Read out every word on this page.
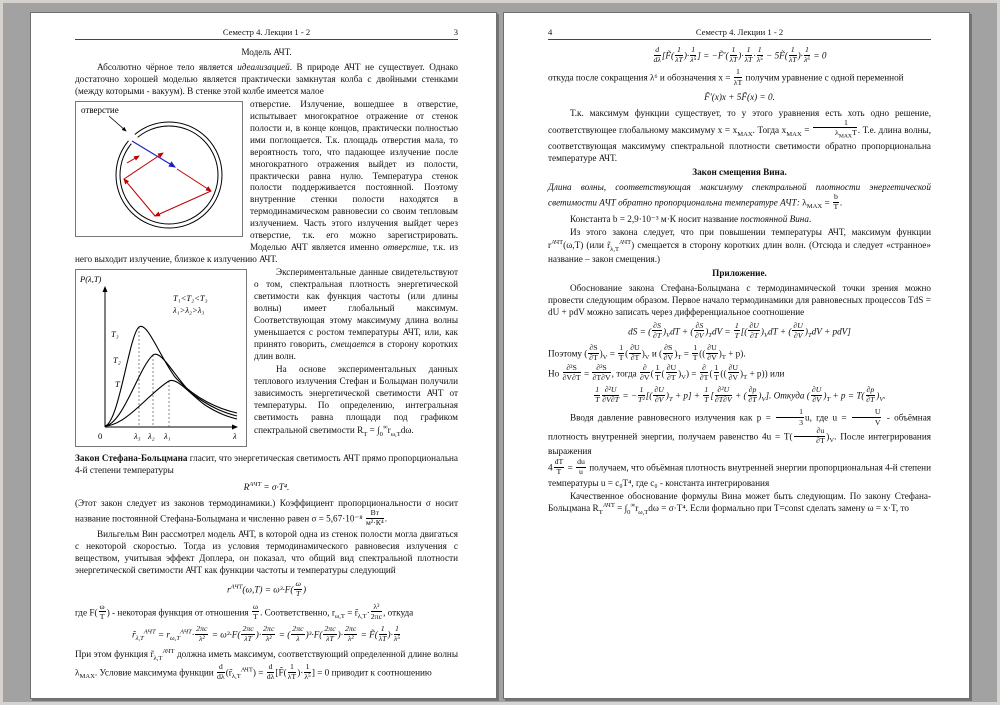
Семестр 4. Лекции 1 - 2	3
Модель АЧТ.

Абсолютно чёрное тело является идеализацией. В природе АЧТ не существует. Однако достаточно хорошей моделью является практически замкнутая колба с двойными стенками (между которыми - вакуум). В стенке этой колбе имеется малое

отверстие

отверстие. Излучение, вошедшее в отверстие, испытывает многократное отражение от стенок полости и, в конце концов, практически полностью ими поглощается. Т.к. площадь отверстия мала, то вероятность того, что падающее излучение после многократного отражения выйдет из полости, практически равна нулю. Температура стенок полости поддерживается постоянной. Поэтому внутренние стенки полости находятся в термодинамическом равновесии со своим тепловым излучением. Часть этого излучения выйдет через отверстие, т.к. его можно зарегистрировать. Моделью АЧТ является именно отверстие, т.к. из него выходит излучение, близкое к излучению АЧТ.

P(λ,T)
T₁<T₂<T₃
λ₁>λ₂>λ₃
T₃
T₂
T₁
0	λ₃ λ₂ λ₁	λ

Экспериментальные данные свидетельствуют о том, спектральная плотность энергетической светимости как функция частоты (или длины волны) имеет глобальный максимум. Соответствующая этому максимуму длина волны уменьшается с ростом температуры АЧТ, или, как принято говорить, смещается в сторону коротких длин волн.

На основе экспериментальных данных теплового излучения Стефан и Больцман получили зависимость энергетической светимости АЧТ от температуры. По определению, интегральная светимость равна площади под графиком спектральной светимости $R_T = \int_0^\infty r_{\omega,T}d\omega$.

Закон Стефана-Больцмана гласит, что энергетическая светимость АЧТ прямо пропорциональна 4-й степени температуры

$R^{АЧТ} = \sigma\cdot T^4$.

(Этот закон следует из законов термодинамики.) Коэффициент пропорциональности σ носит название постоянной Стефана-Больцмана и численно равен $\sigma = 5,67\cdot 10^{-8} \frac{Вт}{\text{м²·К⁴}}$ .

Вильгельм Вин рассмотрел модель АЧТ, в которой одна из стенок полости могла двигаться с некоторой скоростью. Тогда из условия термодинамического равновесия излучения с веществом, учитывая эффект Доплера, он показал, что общий вид спектральной плотности энергетической светимости АЧТ как функции частоты и температуры следующий

$r^{АЧТ}(\omega,T) = \omega^3\cdot F( \frac{\omega}{T}$ )

где $F( \frac{\omega}{T}$ ) - некоторая функция от отношения $\frac{\omega}{T}$ . Соответственно, $r_{\omega,T}$ = $r̃_{\lambda,T}\cdot \frac{\text{λ²}}{2\pi c}$ , откуда

$r̃_{\lambda,T}^{АЧТ} = r_{\omega,T}^{АЧТ}\cdot \frac{2\pi c}{\text{λ²}} = \omega^3\cdot F( \frac{2\pi c}{\lambda T}$ )· $\frac{2\pi c}{\text{λ²}}$ = ( $\frac{2\pi c}{\lambda} )^3\cdot F( \frac{2\pi c}{\lambda T}$ )· $\frac{2\pi c}{\text{λ²}}$ = F̃( $\frac{1}{\lambda T}$ )· $\frac{1}{\text{λ⁵}}$

При этом функция $r̃_{\lambda,T}^{АЧТ}$ должна иметь максимум, соответствующий определенной длине волны $\lambda_{MAX}$. Условие максимума функции $\frac{d}{d\lambda}$ $(r̃_{\lambda,T}^{АЧТ}) = \frac{d}{d\lambda}$ [F̃( $\frac{1}{\lambda T}$ )· $\frac{1}{\text{λ⁵}}$ ] = 0 приводит к соотношению

4	Семестр 4. Лекции 1 - 2
$\frac{d}{d\lambda}$ [F̃( $\frac{1}{\lambda T}$ )· $\frac{1}{\text{λ⁵}}$ ] = −F̃′( $\frac{1}{\lambda T}$ )· $\frac{1}{\lambda T} \cdot \frac{1}{\text{λ⁵}}$ − 5F̃( $\frac{1}{\lambda T}$ )· $\frac{1}{\text{λ⁶}} = 0$

откуда после сокращения λ⁶ и обозначения $x = \frac{1}{\lambda T}$ получим уравнение с одной переменной

F̃′(x)x + 5F̃(x) = 0.

Т.к. максимум функции существует, то у этого уравнения есть хоть одно решение, соответствующее глобальному максимуму $x = x_{MAX}$. Тогда $x_{MAX} = \frac{1}{\lambda_{MAX}T}$ . Т.е. длина волны, соответствующая максимуму спектральной плотности светимости обратно пропорциональна температуре АЧТ.

Закон смещения Вина.

Длина волны, соответствующая максимуму спектральной плотности энергетической светимости АЧТ обратно пропорциональна температуре АЧТ: $\lambda_{MAX} = \frac{b}{T}$ .

Константа b = 2,9·10⁻³ м·К носит название постоянной Вина.

Из этого закона следует, что при повышении температуры АЧТ, максимум функции $r^{АЧТ}(\omega,T)$ (или $r̃_{\lambda,T}^{АЧТ}$) смещается в сторону коротких длин волн. (Отсюда и следует «странное» название – закон смещения.)

Приложение.

Обоснование закона Стефана-Больцмана с термодинамической точки зрения можно провести следующим образом. Первое начало термодинамики для равновесных процессов TdS = dU + pdV можно записать через дифференциальное соотношение

dS = ( $\frac{\partial S}{\partial T} )_VdT$ + ( $\frac{\partial S}{\partial V} )_TdV = \frac{1}{T}$ [( $\frac{\partial U}{\partial T} )_VdT$ + ( $\frac{\partial U}{\partial V} )_TdV + pdV$]

Поэтому ( $\frac{\partial S}{\partial T} )_V = \frac{1}{T}$ ( $\frac{\partial U}{\partial T} )_V$ и ( $\frac{\partial S}{\partial V} )_T = \frac{1}{T}$ (( $\frac{\partial U}{\partial V} )_T + p$).

Но $\frac{\text{∂²S}}{\partial V\partial T} = \frac{\text{∂²S}}{\partial T\partial V}$ , тогда $\frac{\partial}{\partial V}$ ( $\frac{1}{T}$ ( $\frac{\partial U}{\partial T} )_V) = \frac{\partial}{\partial T}$ ( $\frac{1}{T}$ (( $\frac{\partial U}{\partial V} )_T + p$)) или

$\frac{1}{T} \frac{\text{∂²U}}{\partial V\partial T}$ = − $\frac{1}{\text{T²}}$ [( $\frac{\partial U}{\partial V} )_T + p] + \frac{1}{T}$ [ $\frac{\text{∂²U}}{\partial T\partial V}$ + ( $\frac{\partial p}{\partial T} )_V$]. Откуда ( $\frac{\partial U}{\partial V} )_T + p = T( \frac{\partial p}{\partial T} )_V$.

Вводя давление равновесного излучения как $p = \frac{1}{3} u$, где $u = \frac{U}{V}$ - объёмная плотность внутренней энергии, получаем равенство $4u = T( \frac{\partial u}{\partial T} )_V$. После интегрирования выражения

$4 \frac{dT}{T} = \frac{du}{u}$ получаем, что объёмная плотность внутренней энергии пропорциональная 4-й степени температуры u = c₀T⁴, где c₀ - константа интегрирования

Качественное обоснование формулы Вина может быть следующим. По закону Стефана-Больцмана $R_T^{АЧТ} = \int_0^\infty r_{\omega,T}d\omega = \sigma\cdot T^4$. Если формально при T=const сделать замену ω = x·T, то
